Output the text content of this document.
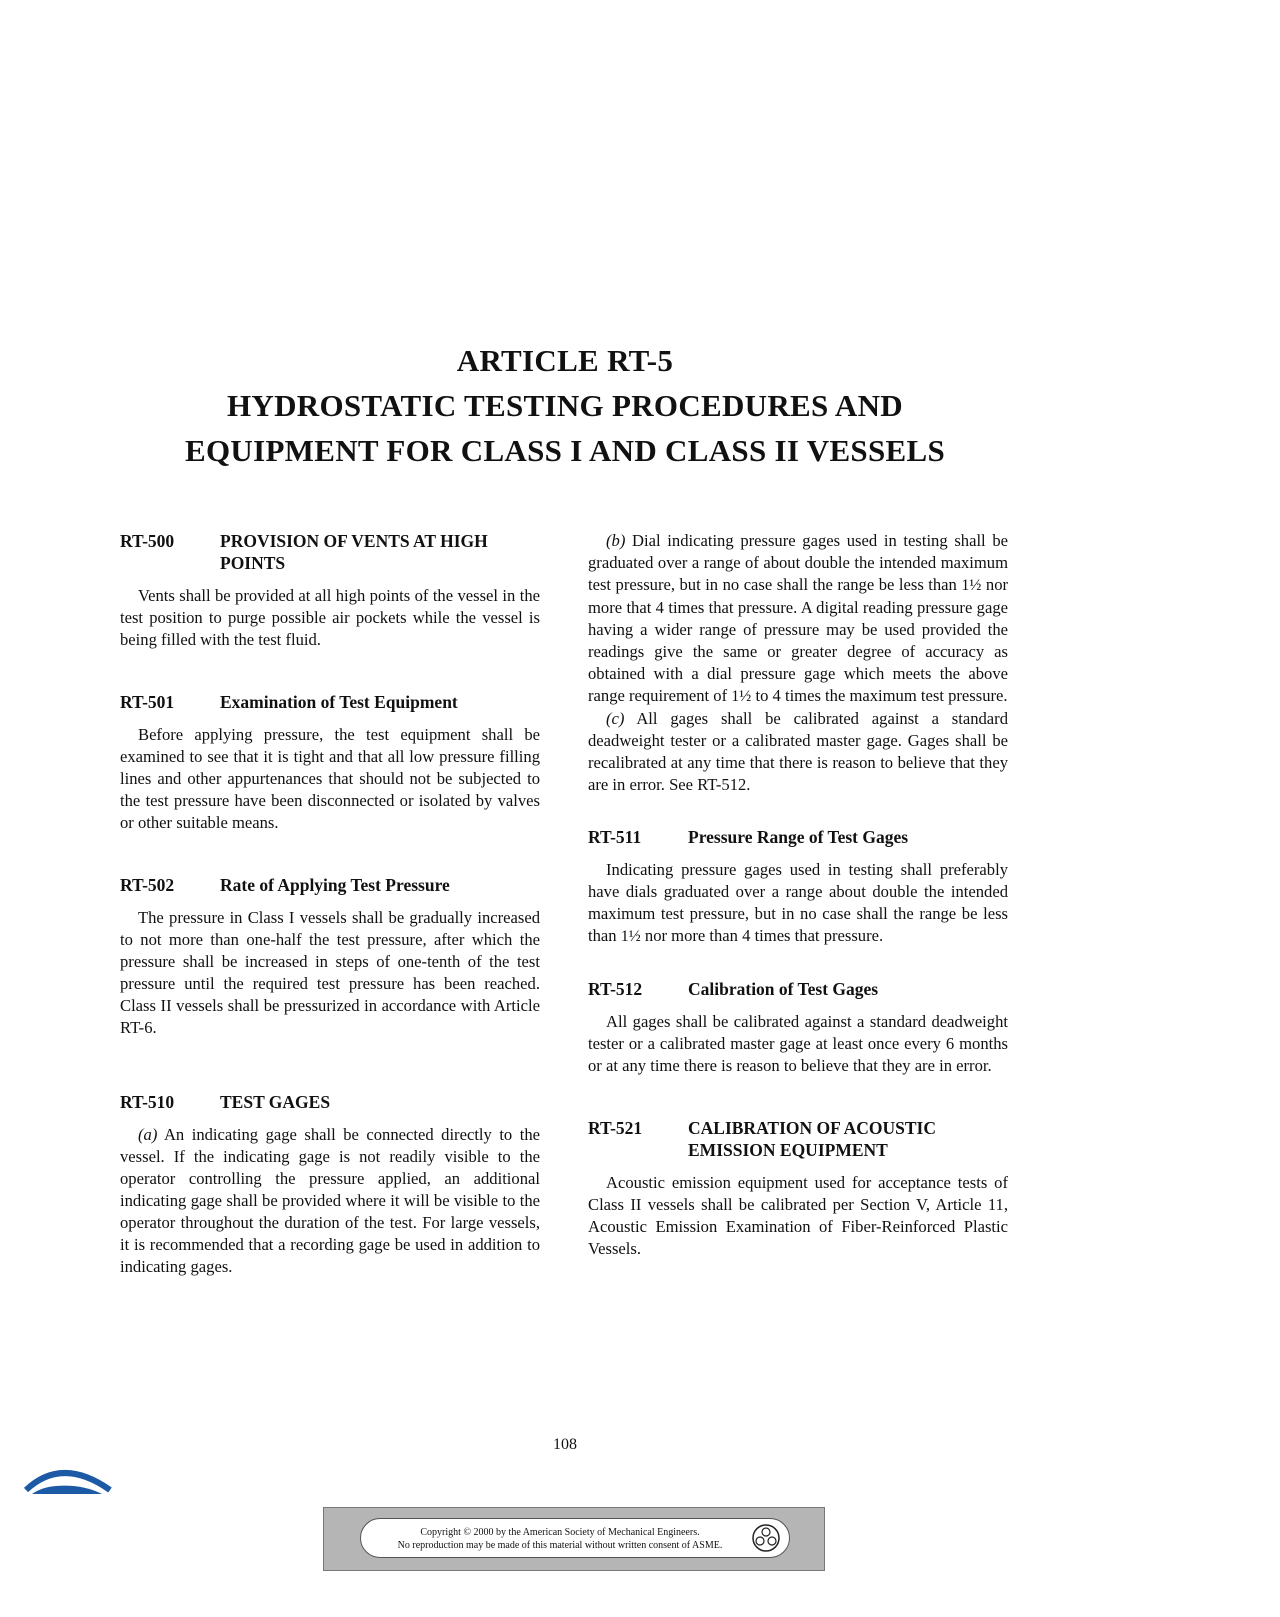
ARTICLE RT-5
HYDROSTATIC TESTING PROCEDURES AND
EQUIPMENT FOR CLASS I AND CLASS II VESSELS
RT-500	PROVISION OF VENTS AT HIGH POINTS

Vents shall be provided at all high points of the vessel in the test position to purge possible air pockets while the vessel is being filled with the test fluid.

RT-501	Examination of Test Equipment

Before applying pressure, the test equipment shall be examined to see that it is tight and that all low pressure filling lines and other appurtenances that should not be subjected to the test pressure have been disconnected or isolated by valves or other suitable means.

RT-502	Rate of Applying Test Pressure

The pressure in Class I vessels shall be gradually increased to not more than one-half the test pressure, after which the pressure shall be increased in steps of one-tenth of the test pressure until the required test pressure has been reached. Class II vessels shall be pressurized in accordance with Article RT-6.

RT-510	TEST GAGES

(a) An indicating gage shall be connected directly to the vessel. If the indicating gage is not readily visible to the operator controlling the pressure applied, an additional indicating gage shall be provided where it will be visible to the operator throughout the duration of the test. For large vessels, it is recommended that a recording gage be used in addition to indicating gages.

(b) Dial indicating pressure gages used in testing shall be graduated over a range of about double the intended maximum test pressure, but in no case shall the range be less than 1½ nor more that 4 times that pressure. A digital reading pressure gage having a wider range of pressure may be used provided the readings give the same or greater degree of accuracy as obtained with a dial pressure gage which meets the above range requirement of 1½ to 4 times the maximum test pressure.

(c) All gages shall be calibrated against a standard deadweight tester or a calibrated master gage. Gages shall be recalibrated at any time that there is reason to believe that they are in error. See RT-512.

RT-511	Pressure Range of Test Gages

Indicating pressure gages used in testing shall preferably have dials graduated over a range about double the intended maximum test pressure, but in no case shall the range be less than 1½ nor more than 4 times that pressure.

RT-512	Calibration of Test Gages

All gages shall be calibrated against a standard deadweight tester or a calibrated master gage at least once every 6 months or at any time there is reason to believe that they are in error.

RT-521	CALIBRATION OF ACOUSTIC EMISSION EQUIPMENT

Acoustic emission equipment used for acceptance tests of Class II vessels shall be calibrated per Section V, Article 11, Acoustic Emission Examination of Fiber-Reinforced Plastic Vessels.

108
Copyright © 2000 by the American Society of Mechanical Engineers.
No reproduction may be made of this material without written consent of ASME.
